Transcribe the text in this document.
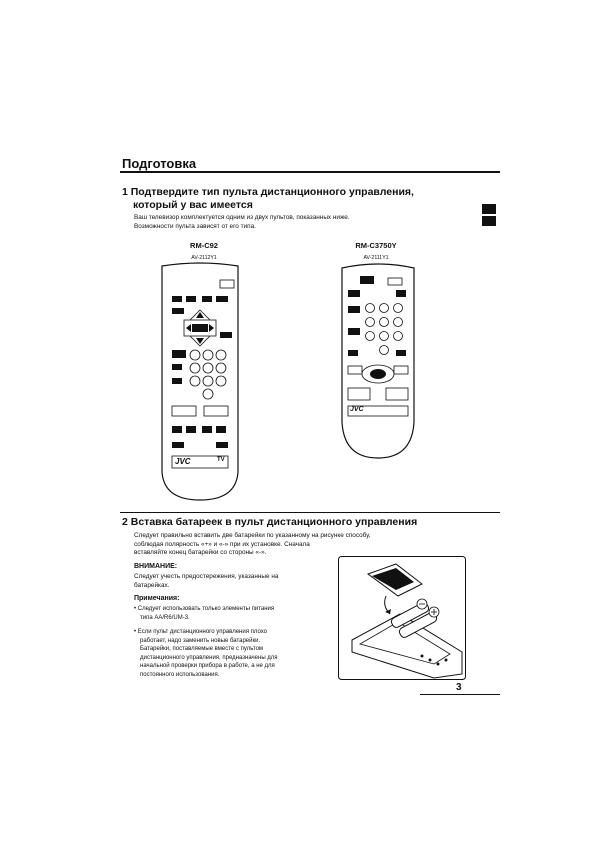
Подготовка
1 Подтвердите тип пульта дистанционного управления,
который у вас имеется
Ваш телевизор комплектуется одним из двух пультов, показанных ниже.
Возможности пульта зависят от его типа.
RM-C92
AV-2112Y1
RM-C3750Y
AV-2111Y1
JVC	TV
JVC
2 Вставка батареек в пульт дистанционного управления
Следует правильно вставить две батарейки по указанному на рисунке способу,
соблюдая полярность «+» и «-» при их установке. Сначала
вставляйте конец батарейки со стороны «-».
ВНИМАНИЕ:
Следует учесть предостережения, указанные на
батарейках.
Примечания:
• Следует использовать только элементы питания
типа AA/R6/UM-3.
• Если пульт дистанционного управления плохо
работает, надо заменить новые батарейки.
Батарейки, поставляемые вместе с пультом
дистанционного управления, предназначены для
начальной проверки прибора в работе, а не для
постоянного использования.
3
